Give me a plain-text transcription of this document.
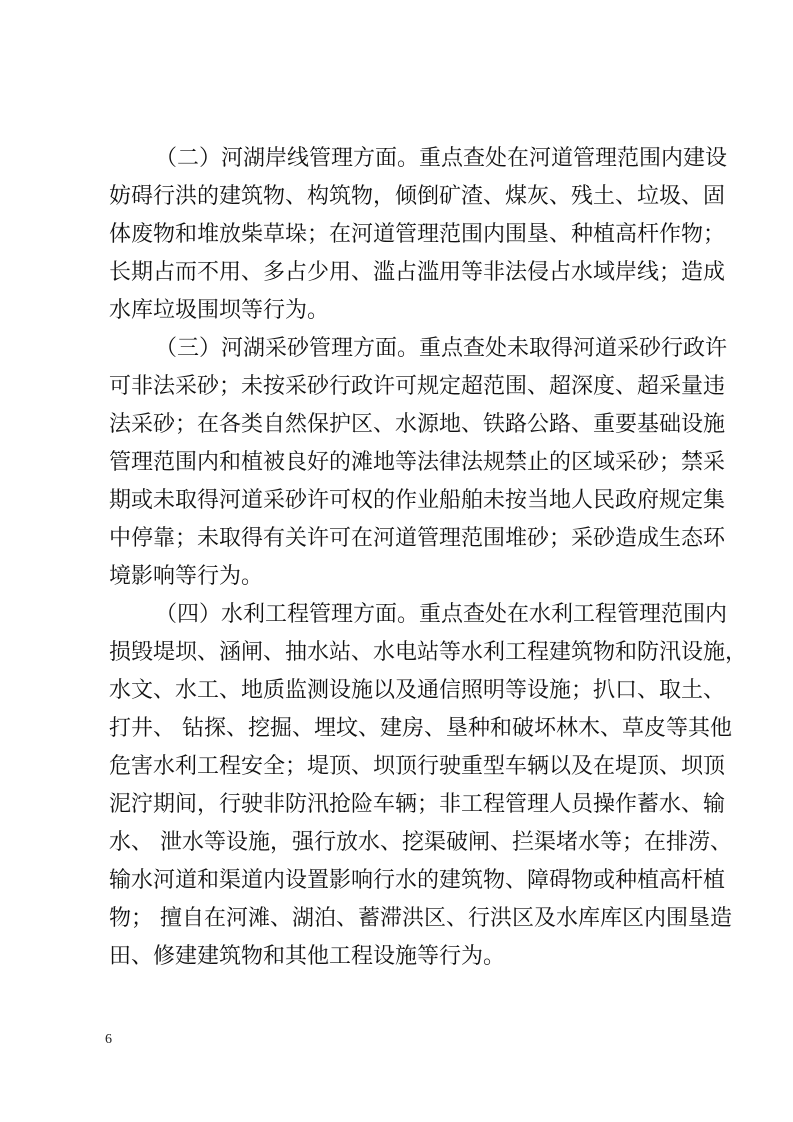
（二）河湖岸线管理方面。重点查处在河道管理范围内建设
妨碍行洪的建筑物、构筑物，倾倒矿渣、煤灰、残土、垃圾、固
体废物和堆放柴草垛；在河道管理范围内围垦、种植高杆作物；
长期占而不用、多占少用、滥占滥用等非法侵占水域岸线；造成
水库垃圾围坝等行为。
（三）河湖采砂管理方面。重点查处未取得河道采砂行政许
可非法采砂；未按采砂行政许可规定超范围、超深度、超采量违
法采砂；在各类自然保护区、水源地、铁路公路、重要基础设施
管理范围内和植被良好的滩地等法律法规禁止的区域采砂；禁采
期或未取得河道采砂许可权的作业船舶未按当地人民政府规定集
中停靠；未取得有关许可在河道管理范围堆砂；采砂造成生态环
境影响等行为。
（四）水利工程管理方面。重点查处在水利工程管理范围内
损毁堤坝、涵闸、抽水站、水电站等水利工程建筑物和防汛设施，
水文、水工、地质监测设施以及通信照明等设施；扒口、取土、
打井、 钻探、挖掘、埋坟、建房、垦种和破坏林木、草皮等其他
危害水利工程安全；堤顶、坝顶行驶重型车辆以及在堤顶、坝顶
泥泞期间，行驶非防汛抢险车辆；非工程管理人员操作蓄水、输
水、 泄水等设施，强行放水、挖渠破闸、拦渠堵水等；在排涝、
输水河道和渠道内设置影响行水的建筑物、障碍物或种植高杆植
物； 擅自在河滩、湖泊、蓄滞洪区、行洪区及水库库区内围垦造
田、修建建筑物和其他工程设施等行为。
6
